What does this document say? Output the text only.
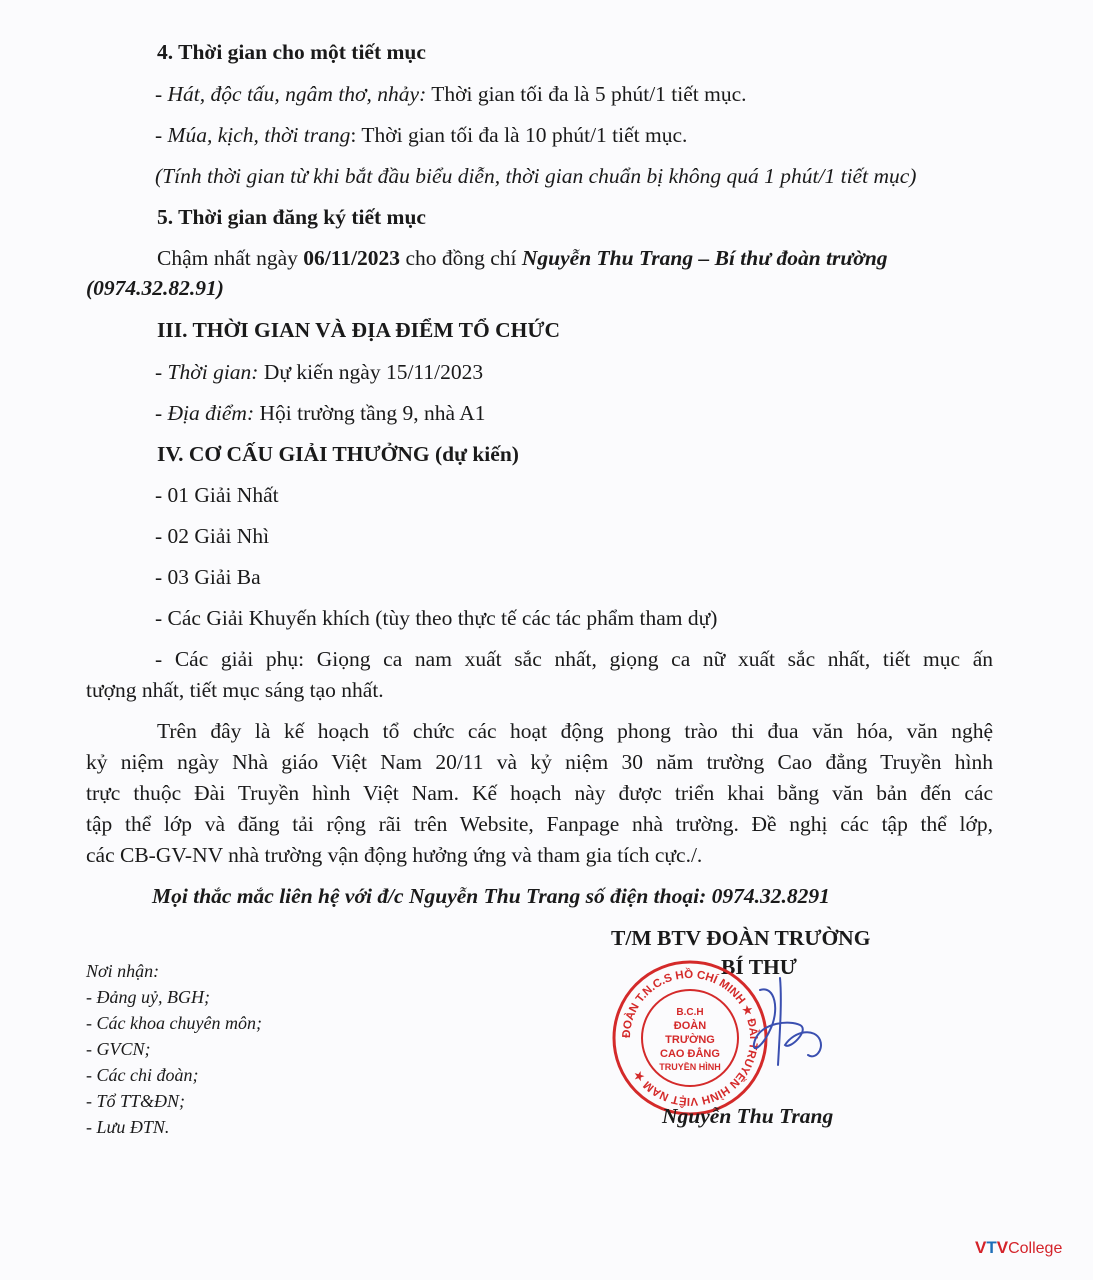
4. Thời gian cho một tiết mục
- Hát, độc tấu, ngâm thơ, nhảy: Thời gian tối đa là 5 phút/1 tiết mục.
- Múa, kịch, thời trang: Thời gian tối đa là 10 phút/1 tiết mục.
(Tính thời gian từ khi bắt đầu biểu diễn, thời gian chuẩn bị không quá 1 phút/1 tiết mục)
5. Thời gian đăng ký tiết mục
Chậm nhất ngày 06/11/2023 cho đồng chí Nguyễn Thu Trang – Bí thư đoàn trường
(0974.32.82.91)
III. THỜI GIAN VÀ ĐỊA ĐIỂM TỔ CHỨC
- Thời gian: Dự kiến ngày 15/11/2023
- Địa điểm: Hội trường tầng 9, nhà A1
IV. CƠ CẤU GIẢI THƯỞNG (dự kiến)
- 01 Giải Nhất
- 02 Giải Nhì
- 03 Giải Ba
- Các Giải Khuyến khích (tùy theo thực tế các tác phẩm tham dự)
- Các giải phụ: Giọng ca nam xuất sắc nhất, giọng ca nữ xuất sắc nhất, tiết mục ấn
tượng nhất, tiết mục sáng tạo nhất.
Trên đây là kế hoạch tổ chức các hoạt động phong trào thi đua văn hóa, văn nghệ
kỷ niệm ngày Nhà giáo Việt Nam 20/11 và kỷ niệm 30 năm trường Cao đẳng Truyền hình
trực thuộc Đài Truyền hình Việt Nam. Kế hoạch này được triển khai bằng văn bản đến các
tập thể lớp và đăng tải rộng rãi trên Website, Fanpage nhà trường. Đề nghị các tập thể lớp,
các CB-GV-NV nhà trường vận động hưởng ứng và tham gia tích cực./.
Mọi thắc mắc liên hệ với đ/c Nguyễn Thu Trang số điện thoại: 0974.32.8291
T/M BTV ĐOÀN TRƯỜNG
BÍ THƯ
Nơi nhận:
- Đảng uỷ, BGH;
- Các khoa chuyên môn;
- GVCN;
- Các chi đoàn;
- Tổ TT&ĐN;
- Lưu ĐTN.
ĐOÀN T.N.C.S HỒ CHÍ MINH ★ ĐÀI TRUYỀN HÌNH VIỆT NAM ★
B.C.H
ĐOÀN
TRƯỜNG
CAO ĐẲNG
TRUYỀN HÌNH
Nguyễn Thu Trang
VTVCollege
